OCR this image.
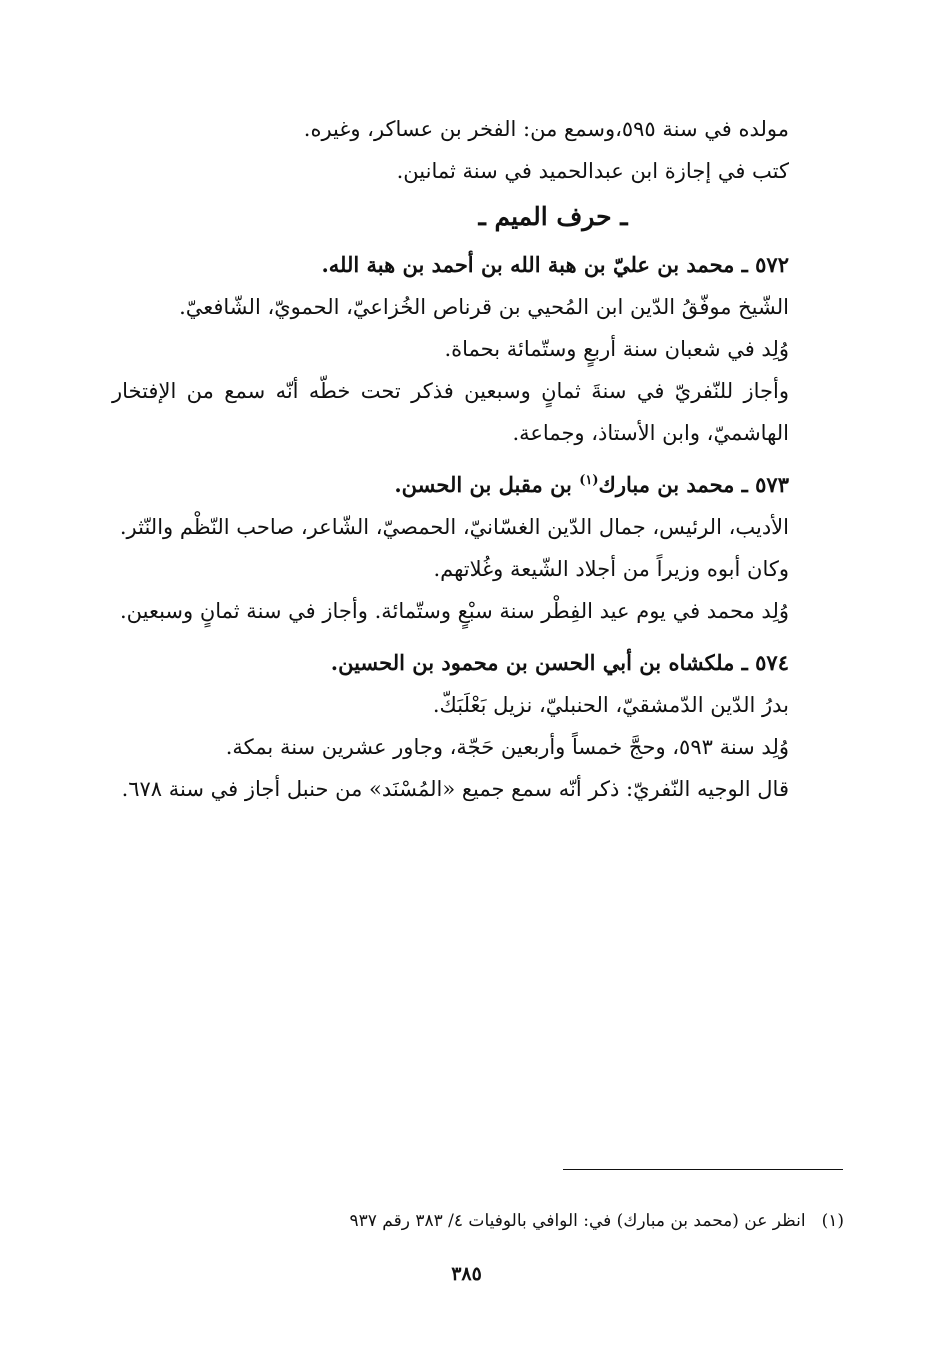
مولده في سنة ٥٩٥،وسمع من: الفخر بن عساكر، وغيره.

كتب في إجازة ابن عبدالحميد في سنة ثمانين.

ـ حرف الميم ـ

٥٧٢ ـ محمد بن عليّ بن هبة الله بن أحمد بن هبة الله.

الشّيخ موفّقُ الدّين ابن المُحيي بن قرناص الخُزاعيّ، الحمويّ، الشّافعيّ.

وُلِد في شعبان سنة أربعٍ وستّمائة بحماة.

وأجاز للنّفريّ في سنةَ ثمانٍ وسبعين فذكر تحت خطّه أنّه سمع من الإفتخار الهاشميّ، وابن الأستاذ، وجماعة.

٥٧٣ ـ محمد بن مبارك$^{(١)}$ بن مقبل بن الحسن.

الأديب، الرئيس، جمال الدّين الغسّانيّ، الحمصيّ، الشّاعر، صاحب النّظْم والنّثر.

وكان أبوه وزيراً من أجلاد الشّيعة وغُلاتهم.

وُلِد محمد في يوم عيد الفِطْر سنة سبْعٍ وستّمائة. وأجاز في سنة ثمانٍ وسبعين.

٥٧٤ ـ ملكشاه بن أبي الحسن بن محمود بن الحسين.

بدرُ الدّين الدّمشقيّ، الحنبليّ، نزيل بَعْلَبَكّ.

وُلِد سنة ٥٩٣، وحجَّ خمساً وأربعين حَجّة، وجاور عشرين سنة بمكة.

قال الوجيه النّفريّ: ذكر أنّه سمع جميع «المُسْنَد» من حنبل أجاز في سنة ٦٧٨.

(١)انظر عن (محمد بن مبارك) في: الوافي بالوفيات ٤/ ٣٨٣ رقم ٩٣٧
٣٨٥
